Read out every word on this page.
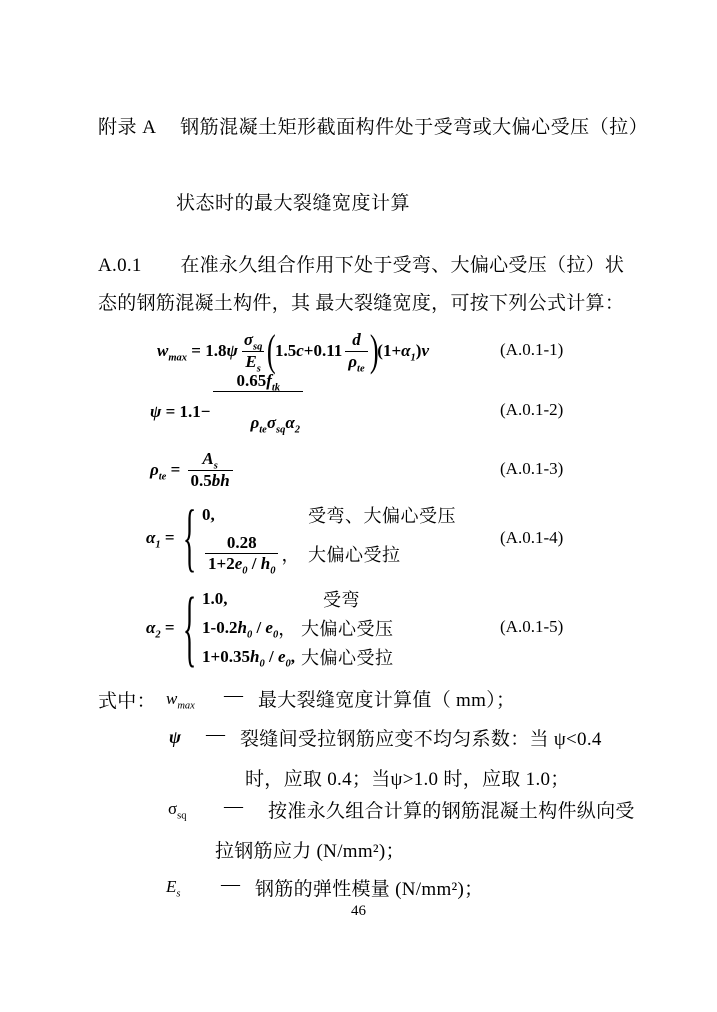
附录 A　 钢筋混凝土矩形截面构件处于受弯或大偏心受压（拉）
状态时的最大裂缝宽度计算
A.0.1　　在准永久组合作用下处于受弯、大偏心受压（拉）状
态的钢筋混凝土构件，其 最大裂缝宽度，可按下列公式计算：
$w_{max} = 1.8$ ψ $\frac{\sigma_{sq}}{E_s}$ (
1.5 $c +0.11 \frac{d}{\rho_{te}}$ )
($1+ \alpha_1$ ) ν	(A.0.1-1)
$\psi = 1.1- \frac{0.65f_{tk}}{\rho_{te}\sigma_{sq}\alpha_2}$
	(A.0.1-2)
$\rho_{te} = \frac{A_s}{0.5bh}$	(A.0.1-3)
$\alpha_1$ = { 0,	受弯、大偏心受压
$\frac{0.28}{1+2e_0 / h_0}$ ， 大偏心受拉
(A.0.1-4)
$\alpha_2$ = { 1.0,	受弯
1-0.2 $h_0 / e_0$ ， 大偏心受压
1+0.35 $h_0 / e_0$ , 大偏心受拉
(A.0.1-5)
式中： $w_{max}$ — 最大裂缝宽度计算值（ mm）；
ψ — 裂缝间受拉钢筋应变不均匀系数：当 ψ<0.4
时，应取 0.4；当ψ>1.0 时，应取 1.0；
$\sigma_{sq}$ — 按准永久组合计算的钢筋混凝土构件纵向受
拉钢筋应力 (N/mm²)；
$E_s$ — 钢筋的弹性模量 (N/mm²)；
46
